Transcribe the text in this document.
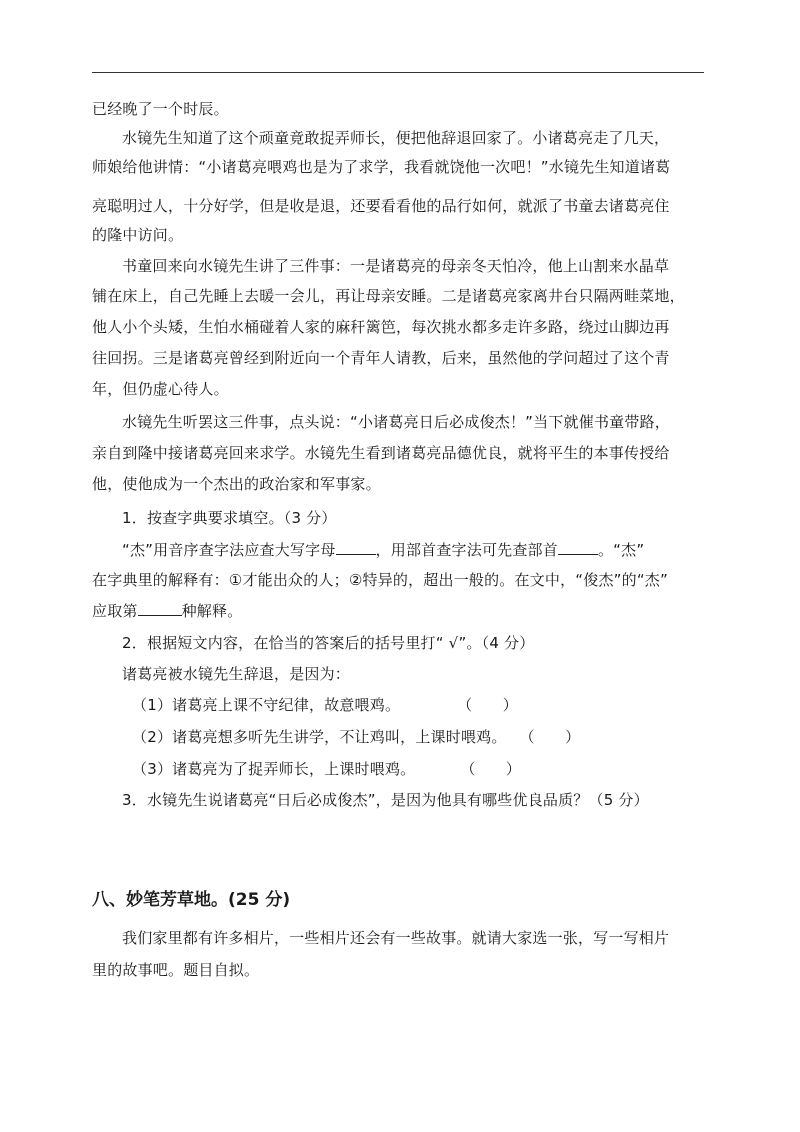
已经晚了一个时辰。
水镜先生知道了这个顽童竟敢捉弄师长，便把他辞退回家了。小诸葛亮走了几天，
师娘给他讲情：“小诸葛亮喂鸡也是为了求学，我看就饶他一次吧！”水镜先生知道诸葛
亮聪明过人，十分好学，但是收是退，还要看看他的品行如何，就派了书童去诸葛亮住
的隆中访问。
书童回来向水镜先生讲了三件事：一是诸葛亮的母亲冬天怕冷，他上山割来水晶草
铺在床上，自己先睡上去暖一会儿，再让母亲安睡。二是诸葛亮家离井台只隔两畦菜地，
他人小个头矮，生怕水桶碰着人家的麻秆篱笆，每次挑水都多走许多路，绕过山脚边再
往回拐。三是诸葛亮曾经到附近向一个青年人请教，后来，虽然他的学问超过了这个青
年，但仍虚心待人。
水镜先生听罢这三件事，点头说：“小诸葛亮日后必成俊杰！”当下就催书童带路，
亲自到隆中接诸葛亮回来求学。水镜先生看到诸葛亮品德优良，就将平生的本事传授给
他，使他成为一个杰出的政治家和军事家。
1．按查字典要求填空。（3 分）
“杰”用音序查字法应查大写字母	，用部首查字法可先查部首	。“杰”
在字典里的解释有：①才能出众的人；②特异的，超出一般的。在文中，“俊杰”的“杰”
应取第	种解释。
2．根据短文内容，在恰当的答案后的括号里打“ √”。（4 分）
诸葛亮被水镜先生辞退，是因为：
（1）诸葛亮上课不守纪律，故意喂鸡。	（　　）
（2）诸葛亮想多听先生讲学，不让鸡叫，上课时喂鸡。 （　　）
（3）诸葛亮为了捉弄师长，上课时喂鸡。	（　　）
3．水镜先生说诸葛亮“日后必成俊杰”，是因为他具有哪些优良品质？（5 分）
八、妙笔芳草地。(25 分)
我们家里都有许多相片，一些相片还会有一些故事。就请大家选一张，写一写相片
里的故事吧。题目自拟。
